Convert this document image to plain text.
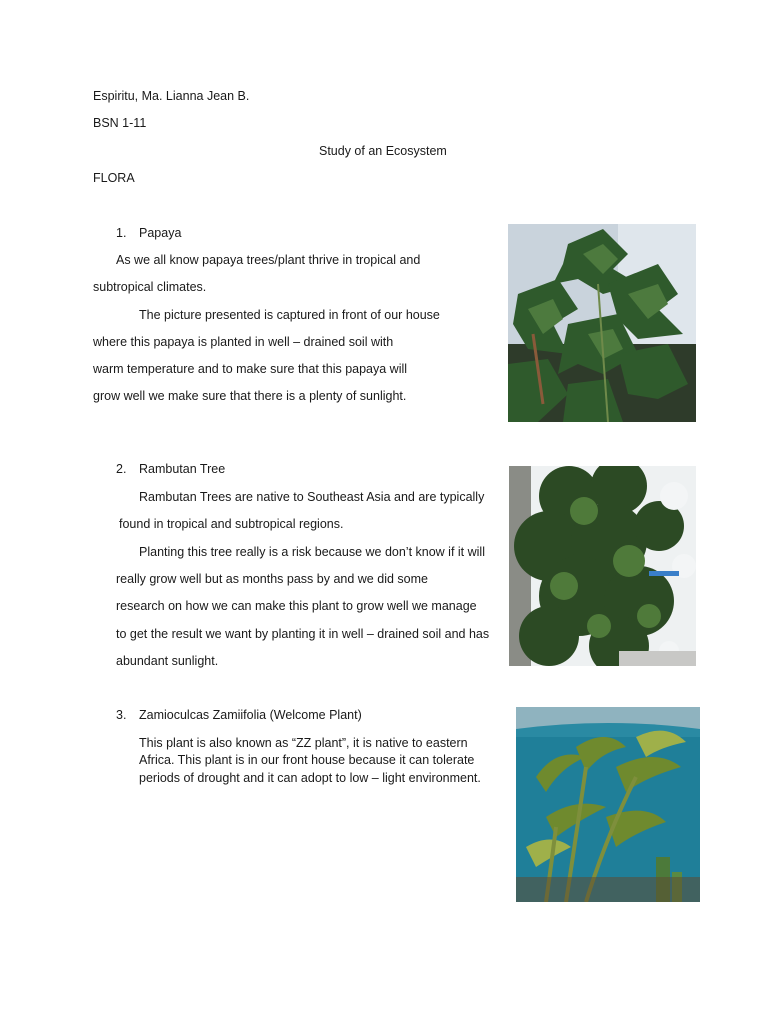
Espiritu, Ma. Lianna Jean B.
BSN 1-11
Study of an Ecosystem
FLORA
1. Papaya
As we all know papaya trees/plant thrive in tropical and
subtropical climates.
The picture presented is captured in front of our house
where this papaya is planted in well – drained soil with
warm temperature and to make sure that this papaya will
grow well we make sure that there is a plenty of sunlight.
2. Rambutan Tree
Rambutan Trees are native to Southeast Asia and are typically
found in tropical and subtropical regions.
Planting this tree really is a risk because we don’t know if it will
really grow well but as months pass by and we did some
research on how we can make this plant to grow well we manage
to get the result we want by planting it in well – drained soil and has
abundant sunlight.
3. Zamioculcas Zamiifolia (Welcome Plant)
This plant is also known as “ZZ plant”, it is native to eastern
Africa. This plant is in our front house because it can tolerate
periods of drought and it can adopt to low – light environment.
